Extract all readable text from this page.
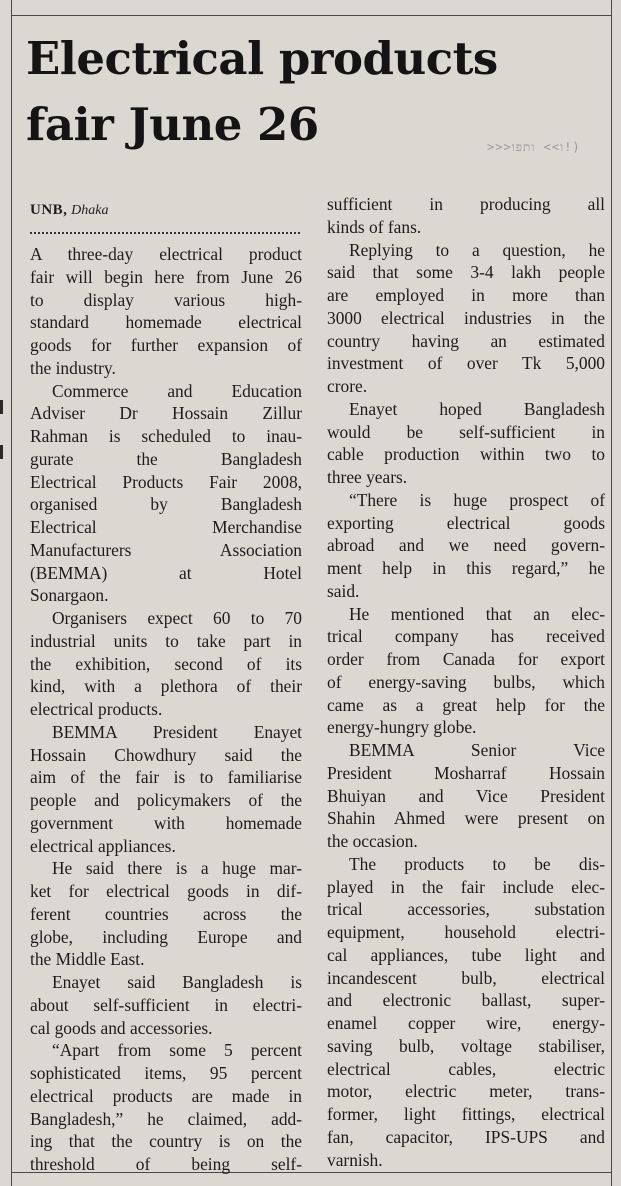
Electrical products
fair June 26	>>>ו>> ותפו!)
UNB, Dhaka
A three-day electrical product
fair will begin here from June 26
to display various high-
standard homemade electrical
goods for further expansion of
the industry.
Commerce and Education
Adviser Dr Hossain Zillur
Rahman is scheduled to inau-
gurate the Bangladesh
Electrical Products Fair 2008,
organised by Bangladesh
Electrical Merchandise
Manufacturers Association
(BEMMA) at Hotel
Sonargaon.
Organisers expect 60 to 70
industrial units to take part in
the exhibition, second of its
kind, with a plethora of their
electrical products.
BEMMA President Enayet
Hossain Chowdhury said the
aim of the fair is to familiarise
people and policymakers of the
government with homemade
electrical appliances.
He said there is a huge mar-
ket for electrical goods in dif-
ferent countries across the
globe, including Europe and
the Middle East.
Enayet said Bangladesh is
about self-sufficient in electri-
cal goods and accessories.
“Apart from some 5 percent
sophisticated items, 95 percent
electrical products are made in
Bangladesh,” he claimed, add-
ing that the country is on the
threshold of being self-
sufficient in producing all
kinds of fans.
Replying to a question, he
said that some 3-4 lakh people
are employed in more than
3000 electrical industries in the
country having an estimated
investment of over Tk 5,000
crore.
Enayet hoped Bangladesh
would be self-sufficient in
cable production within two to
three years.
“There is huge prospect of
exporting electrical goods
abroad and we need govern-
ment help in this regard,” he
said.
He mentioned that an elec-
trical company has received
order from Canada for export
of energy-saving bulbs, which
came as a great help for the
energy-hungry globe.
BEMMA Senior Vice
President Mosharraf Hossain
Bhuiyan and Vice President
Shahin Ahmed were present on
the occasion.
The products to be dis-
played in the fair include elec-
trical accessories, substation
equipment, household electri-
cal appliances, tube light and
incandescent bulb, electrical
and electronic ballast, super-
enamel copper wire, energy-
saving bulb, voltage stabiliser,
electrical cables, electric
motor, electric meter, trans-
former, light fittings, electrical
fan, capacitor, IPS-UPS and
varnish.
